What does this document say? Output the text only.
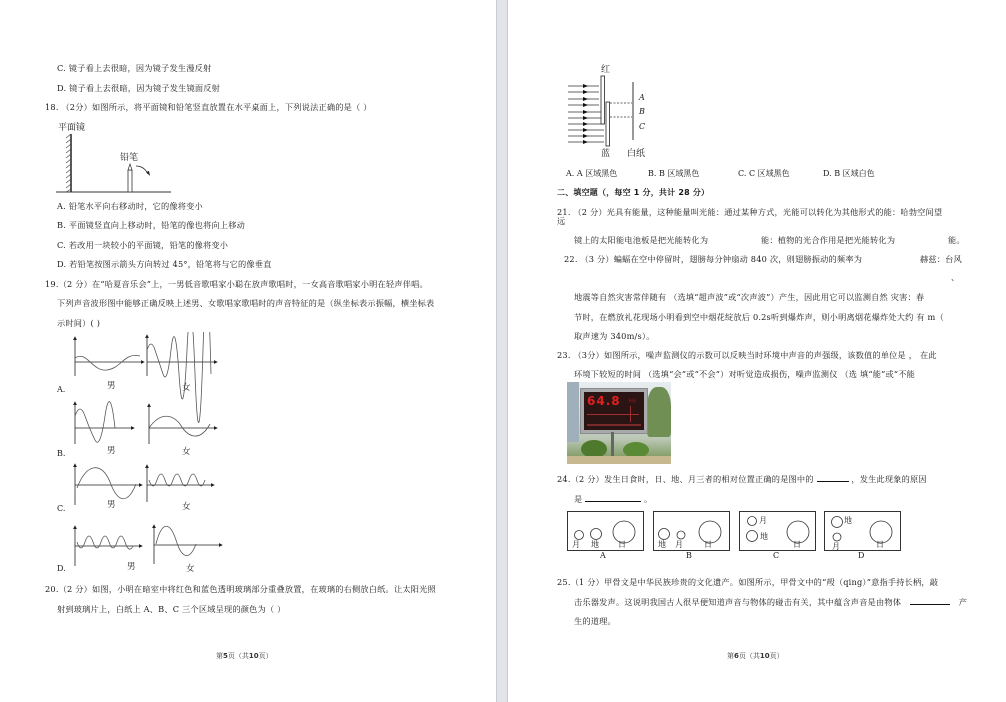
C. 镜子看上去很暗，因为镜子发生漫反射
D. 镜子看上去很暗，因为镜子发生镜面反射
18. （2分）如图所示，将平面镜和铅笔竖直放置在水平桌面上，下列说法正确的是（ ）
平面镜
铅笔
A. 铅笔水平向右移动时，它的像将变小
B. 平面镜竖直向上移动时，铅笔的像也将向上移动
C. 若改用一块较小的平面镜，铅笔的像将变小
D. 若铅笔按图示箭头方向转过 45°，铅笔将与它的像垂直
19.（2 分）在“哈夏音乐会”上，一男低音歌唱家小聪在放声歌唱时，一女高音歌唱家小明在轻声伴唱。
下列声音波形图中能够正确反映上述男、女歌唱家歌唱时的声音特征的是（纵坐标表示振幅，横坐标表
示时间）( )
A.	男	女
B.	男	女
C.	男	女
D.	男	女
20.（2 分）如图，小明在暗室中将红色和蓝色透明玻璃部分重叠放置，在玻璃的右侧放白纸。让太阳光照
射到玻璃片上，白纸上 A、B、C 三个区域呈现的颜色为（ ）
第5页（共10页）
红
蓝 白纸
A
B
C
A. A 区域黑色	B. B 区域黑色	C. C 区域黑色	D. B 区域白色
二、填空题（，每空 1 分，共计 28 分）
21. （2 分）光具有能量，这种能量叫光能：通过某种方式，光能可以转化为其他形式的能：哈勃空间望
远
镜上的太阳能电池板是把光能转化为	能：植物的光合作用是把光能转化为	能。
22. （3 分）蝙蝠在空中停留时，翅膀每分钟扇动 840 次，则翅膀振动的频率为	赫兹：台风
、
地震等自然灾害常伴随有 （选填“超声波”或“次声波”）产生，因此用它可以监测自然 灾害：春
节时，在燃放礼花现场小明看到空中烟花绽放后 0.2s听到爆炸声，则小明离烟花爆炸处大约 有 m（
取声速为 340m/s）。
23. （3分）如图所示，噪声监测仪的示数可以反映当时环境中声音的声强级，该数值的单位是 ， 在此
环境下较短的时间 （选填“会”或“不会”）对听觉造成损伤，噪声监测仪 （选 填“能”或“不能
64.8 分贝
24.（2 分）发生日食时，日、地、月三者的相对位置正确的是图中的	，发生此现象的原因
是	。
月 地 日
A
地 月	日
B
月
地
日
C
地
月	日
D
25.（1 分）甲骨文是中华民族珍贵的文化遗产。如图所示，甲骨文中的“殸（qing）”意指手持长柄，敲
击乐器发声。这说明我国古人很早便知道声音与物体的碰击有关，其中蕴含声音是由物体	产
生的道理。
第6页（共10页）
